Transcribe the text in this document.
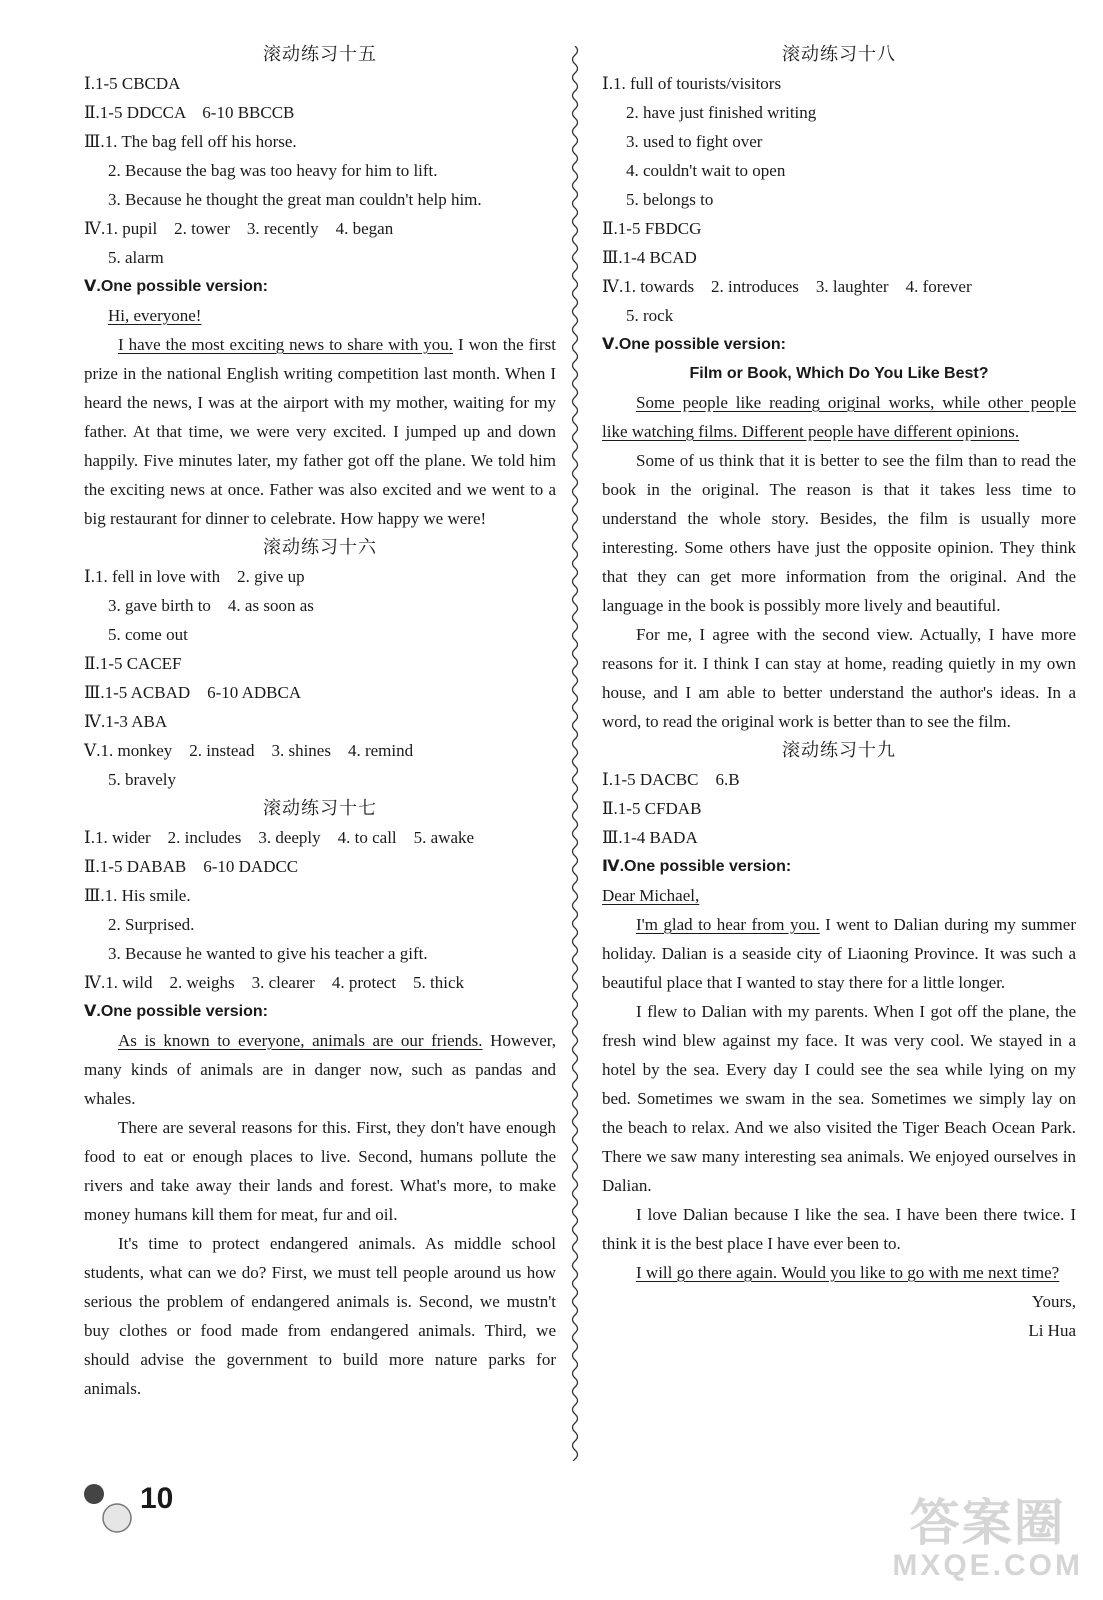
滚动练习十五
Ⅰ.1-5 CBCDA
Ⅱ.1-5 DDCCA　6-10 BBCCB
Ⅲ.1. The bag fell off his horse.
2. Because the bag was too heavy for him to lift.
3. Because he thought the great man couldn't help him.
Ⅳ.1. pupil　2. tower　3. recently　4. began
5. alarm
Ⅴ.One possible version:
Hi, everyone!
I have the most exciting news to share with you. I won the first prize in the national English writing competition last month. When I heard the news, I was at the airport with my mother, waiting for my father. At that time, we were very excited. I jumped up and down happily. Five minutes later, my father got off the plane. We told him the exciting news at once. Father was also excited and we went to a big restaurant for dinner to celebrate. How happy we were!
滚动练习十六
Ⅰ.1. fell in love with　2. give up
3. gave birth to　4. as soon as
5. come out
Ⅱ.1-5 CACEF
Ⅲ.1-5 ACBAD　6-10 ADBCA
Ⅳ.1-3 ABA
Ⅴ.1. monkey　2. instead　3. shines　4. remind
5. bravely
滚动练习十七
Ⅰ.1. wider　2. includes　3. deeply　4. to call　5. awake
Ⅱ.1-5 DABAB　6-10 DADCC
Ⅲ.1. His smile.
2. Surprised.
3. Because he wanted to give his teacher a gift.
Ⅳ.1. wild　2. weighs　3. clearer　4. protect　5. thick
Ⅴ.One possible version:
As is known to everyone, animals are our friends. However, many kinds of animals are in danger now, such as pandas and whales.
There are several reasons for this. First, they don't have enough food to eat or enough places to live. Second, humans pollute the rivers and take away their lands and forest. What's more, to make money humans kill them for meat, fur and oil.
It's time to protect endangered animals. As middle school students, what can we do? First, we must tell people around us how serious the problem of endangered animals is. Second, we mustn't buy clothes or food made from endangered animals. Third, we should advise the government to build more nature parks for animals.
滚动练习十八
Ⅰ.1. full of tourists/visitors
2. have just finished writing
3. used to fight over
4. couldn't wait to open
5. belongs to
Ⅱ.1-5 FBDCG
Ⅲ.1-4 BCAD
Ⅳ.1. towards　2. introduces　3. laughter　4. forever
5. rock
Ⅴ.One possible version:
Film or Book, Which Do You Like Best?
Some people like reading original works, while other people like watching films. Different people have different opinions.
Some of us think that it is better to see the film than to read the book in the original. The reason is that it takes less time to understand the whole story. Besides, the film is usually more interesting. Some others have just the opposite opinion. They think that they can get more information from the original. And the language in the book is possibly more lively and beautiful.
For me, I agree with the second view. Actually, I have more reasons for it. I think I can stay at home, reading quietly in my own house, and I am able to better understand the author's ideas. In a word, to read the original work is better than to see the film.
滚动练习十九
Ⅰ.1-5 DACBC　6.B
Ⅱ.1-5 CFDAB
Ⅲ.1-4 BADA
Ⅳ.One possible version:
Dear Michael,
I'm glad to hear from you. I went to Dalian during my summer holiday. Dalian is a seaside city of Liaoning Province. It was such a beautiful place that I wanted to stay there for a little longer.
I flew to Dalian with my parents. When I got off the plane, the fresh wind blew against my face. It was very cool. We stayed in a hotel by the sea. Every day I could see the sea while lying on my bed. Sometimes we swam in the sea. Sometimes we simply lay on the beach to relax. And we also visited the Tiger Beach Ocean Park. There we saw many interesting sea animals. We enjoyed ourselves in Dalian.
I love Dalian because I like the sea. I have been there twice. I think it is the best place I have ever been to.
I will go there again. Would you like to go with me next time?
Yours,
Li Hua
10	答案圈
MXQE.COM
